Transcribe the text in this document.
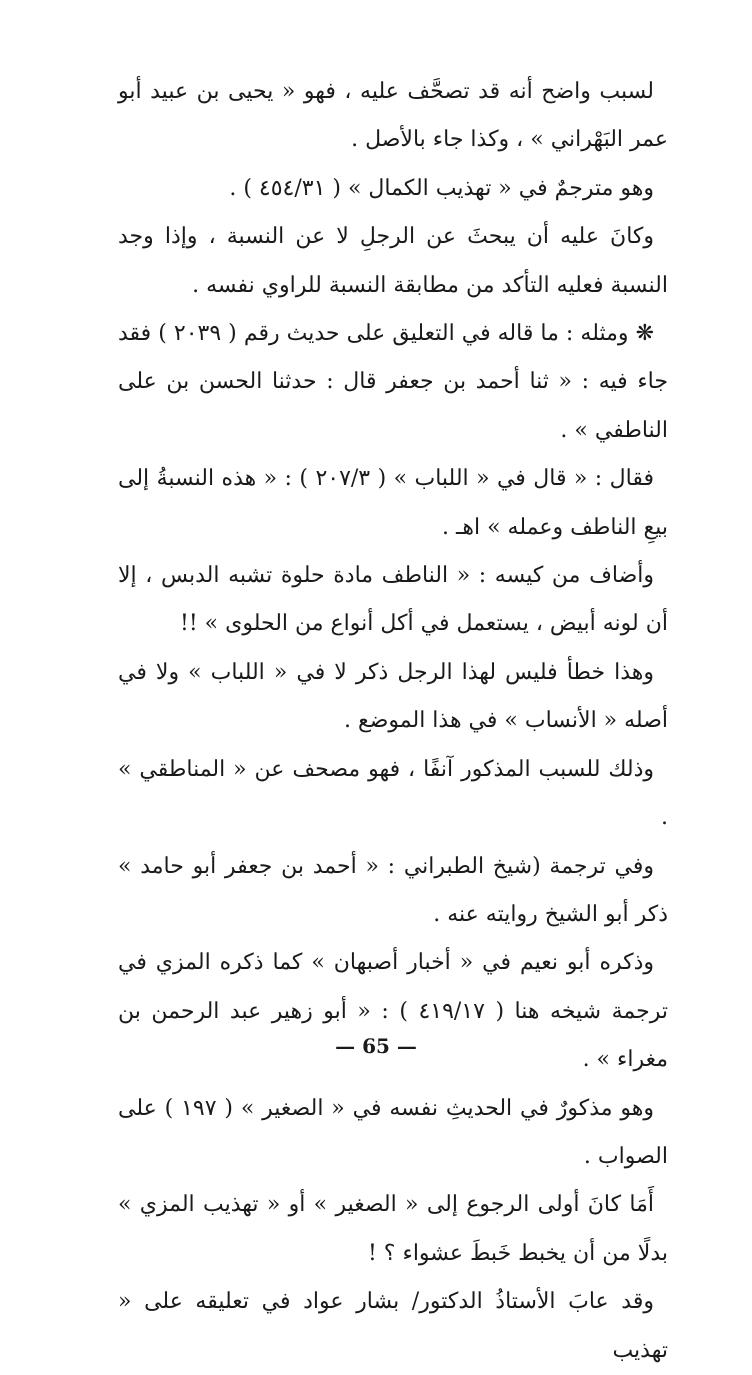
لسبب واضح أنه قد تصحَّف عليه ، فهو « يحيى بن عبيد أبو عمر البَهْراني » ، وكذا جاء بالأصل .

وهو مترجمٌ في « تهذيب الكمال » ( ٤٥٤/٣١ ) .

وكانَ عليه أن يبحثَ عن الرجلِ لا عن النسبة ، وإذا وجد النسبة فعليه التأكد من مطابقة النسبة للراوي نفسه .

❋ ومثله : ما قاله في التعليق على حديث رقم ( ٢٠٣٩ ) فقد جاء فيه : « ثنا أحمد بن جعفر قال : حدثنا الحسن بن على الناطفي » .

فقال : « قال في « اللباب » ( ٢٠٧/٣ ) : « هذه النسبةُ إلى بيعِ الناطف وعمله » اهـ .

وأضاف من كيسه : « الناطف مادة حلوة تشبه الدبس ، إلا أن لونه أبيض ، يستعمل في أكل أنواع من الحلوى » !!

وهذا خطأ فليس لهذا الرجل ذكر لا في « اللباب » ولا في أصله « الأنساب » في هذا الموضع .

وذلك للسبب المذكور آنفًا ، فهو مصحف عن « المناطقي » .

وفي ترجمة (شيخ الطبراني : « أحمد بن جعفر أبو حامد » ذكر أبو الشيخ روايته عنه .

وذكره أبو نعيم في « أخبار أصبهان » كما ذكره المزي في ترجمة شيخه هنا ( ٤١٩/١٧ ) : « أبو زهير عبد الرحمن بن مغراء » .

وهو مذكورٌ في الحديثِ نفسه في « الصغير » ( ١٩٧ ) على الصواب .

أَمَا كانَ أولى الرجوع إلى « الصغير » أو « تهذيب المزي » بدلًا من أن يخبط خَبطَ عشواء ؟ !

وقد عابَ الأستاذُ الدكتور/ بشار عواد في تعليقه على « تهذيب

— 65 —
